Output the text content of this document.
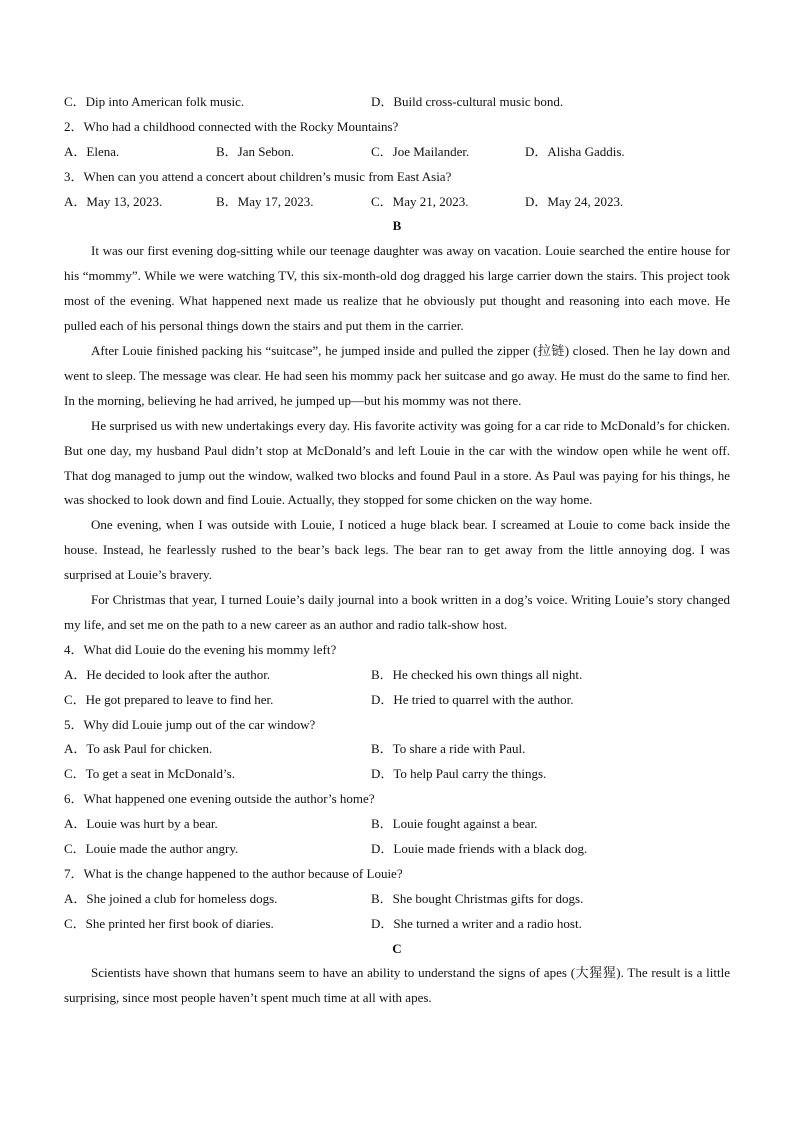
C．Dip into American folk music.	D．Build cross-cultural music bond.
2．Who had a childhood connected with the Rocky Mountains?
A．Elena.	B．Jan Sebon.	C．Joe Mailander.	D．Alisha Gaddis.
3．When can you attend a concert about children’s music from East Asia?
A．May 13, 2023.	B．May 17, 2023.	C．May 21, 2023.	D．May 24, 2023.
B

It was our first evening dog-sitting while our teenage daughter was away on vacation. Louie searched the entire house for his “mommy”. While we were watching TV, this six-month-old dog dragged his large carrier down the stairs. This project took most of the evening. What happened next made us realize that he obviously put thought and reasoning into each move. He pulled each of his personal things down the stairs and put them in the carrier.

After Louie finished packing his “suitcase”, he jumped inside and pulled the zipper (拉链) closed. Then he lay down and went to sleep. The message was clear. He had seen his mommy pack her suitcase and go away. He must do the same to find her. In the morning, believing he had arrived, he jumped up—but his mommy was not there.

He surprised us with new undertakings every day. His favorite activity was going for a car ride to McDonald’s for chicken. But one day, my husband Paul didn’t stop at McDonald’s and left Louie in the car with the window open while he went off. That dog managed to jump out the window, walked two blocks and found Paul in a store. As Paul was paying for his things, he was shocked to look down and find Louie. Actually, they stopped for some chicken on the way home.

One evening, when I was outside with Louie, I noticed a huge black bear. I screamed at Louie to come back inside the house. Instead, he fearlessly rushed to the bear’s back legs. The bear ran to get away from the little annoying dog. I was surprised at Louie’s bravery.

For Christmas that year, I turned Louie’s daily journal into a book written in a dog’s voice. Writing Louie’s story changed my life, and set me on the path to a new career as an author and radio talk-show host.

4．What did Louie do the evening his mommy left?
A．He decided to look after the author.	B．He checked his own things all night.
C．He got prepared to leave to find her.	D．He tried to quarrel with the author.
5．Why did Louie jump out of the car window?
A．To ask Paul for chicken.	B．To share a ride with Paul.
C．To get a seat in McDonald’s.	D．To help Paul carry the things.
6．What happened one evening outside the author’s home?
A．Louie was hurt by a bear.	B．Louie fought against a bear.
C．Louie made the author angry.	D．Louie made friends with a black dog.
7．What is the change happened to the author because of Louie?
A．She joined a club for homeless dogs.	B．She bought Christmas gifts for dogs.
C．She printed her first book of diaries.	D．She turned a writer and a radio host.
C

Scientists have shown that humans seem to have an ability to understand the signs of apes (大猩猩). The result is a little surprising, since most people haven’t spent much time at all with apes.
